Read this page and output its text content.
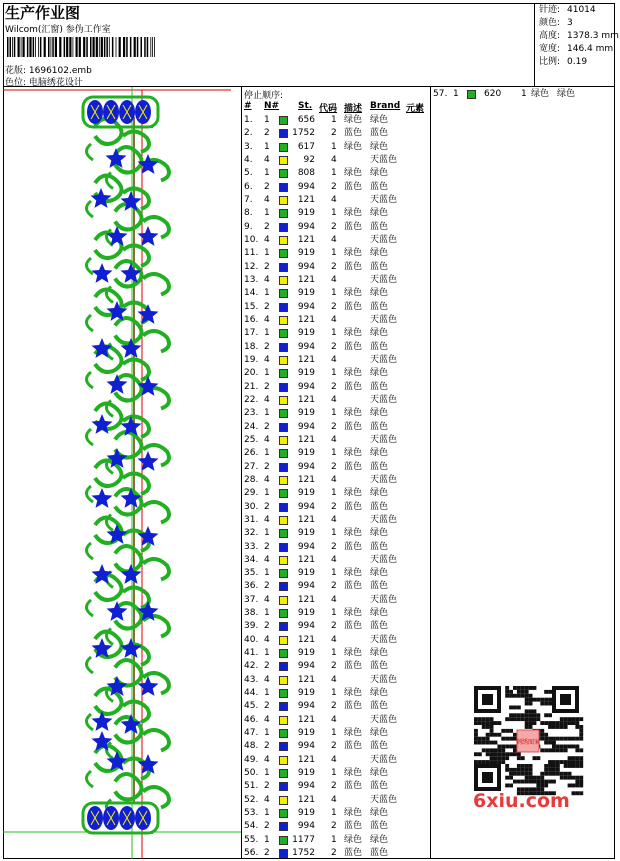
生产作业图
Wilcom(汇窗) 参伪工作室
花版: 1696102.emb
色位: 电脑绣花设计
针迹: 41014
颜色: 3
高度: 1378.3 mm
宽度: 146.4 mm
比例: 0.19
停止顺序:
# N# St. 代码 描述 Brand 元素
1. 1	656 1 绿色 绿色
2. 2 1752 2 蓝色 蓝色
3. 1	617 1 绿色 绿色
4. 4	92 4	天蓝色
5. 1	808 1 绿色 绿色
6. 2	994 2 蓝色 蓝色
7. 4	121 4	天蓝色
8. 1	919 1 绿色 绿色
9. 2	994 2 蓝色 蓝色
10. 4	121 4	天蓝色
11. 1	919 1 绿色 绿色
12. 2	994 2 蓝色 蓝色
13. 4	121 4	天蓝色
14. 1	919 1 绿色 绿色
15. 2	994 2 蓝色 蓝色
16. 4	121 4	天蓝色
17. 1	919 1 绿色 绿色
18. 2	994 2 蓝色 蓝色
19. 4	121 4	天蓝色
20. 1	919 1 绿色 绿色
21. 2	994 2 蓝色 蓝色
22. 4	121 4	天蓝色
23. 1	919 1 绿色 绿色
24. 2	994 2 蓝色 蓝色
25. 4	121 4	天蓝色
26. 1	919 1 绿色 绿色
27. 2	994 2 蓝色 蓝色
28. 4	121 4	天蓝色
29. 1	919 1 绿色 绿色
30. 2	994 2 蓝色 蓝色
31. 4	121 4	天蓝色
32. 1	919 1 绿色 绿色
33. 2	994 2 蓝色 蓝色
34. 4	121 4	天蓝色
35. 1	919 1 绿色 绿色
36. 2	994 2 蓝色 蓝色
37. 4	121 4	天蓝色
38. 1	919 1 绿色 绿色
39. 2	994 2 蓝色 蓝色
40. 4	121 4	天蓝色
41. 1	919 1 绿色 绿色
42. 2	994 2 蓝色 蓝色
43. 4	121 4	天蓝色
44. 1	919 1 绿色 绿色
45. 2	994 2 蓝色 蓝色
46. 4	121 4	天蓝色
47. 1	919 1 绿色 绿色
48. 2	994 2 蓝色 蓝色
49. 4	121 4	天蓝色
50. 1	919 1 绿色 绿色
51. 2	994 2 蓝色 蓝色
52. 4	121 4	天蓝色
53. 1	919 1 绿色 绿色
54. 2	994 2 蓝色 蓝色
55. 1 1177 1 绿色 绿色
56. 2 1752 2 蓝色 蓝色
57. 1	620 1 绿色 绿色
刺绣图案
6xiu.com
